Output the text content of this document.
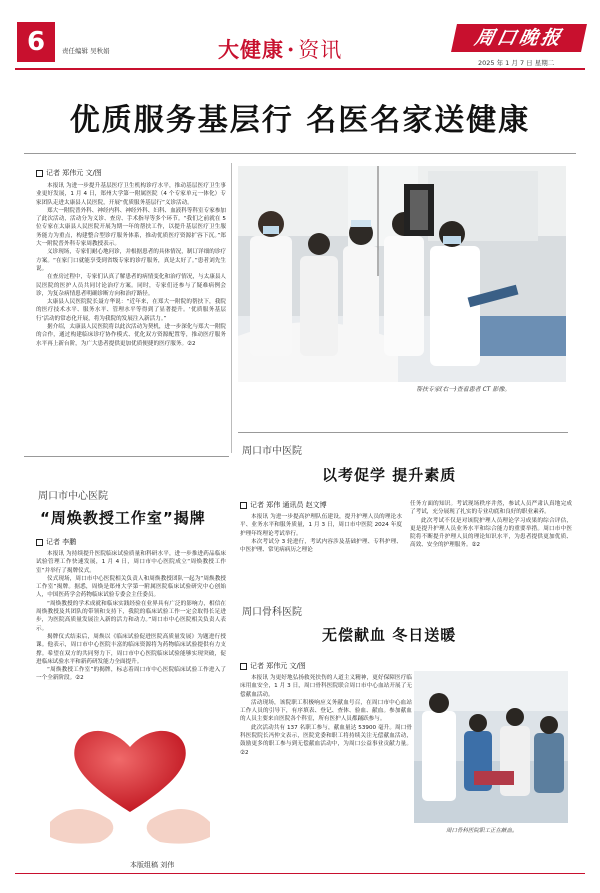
6	责任编辑 吴秋娟	大健康 · 资讯	周口晚报
2025 年 1 月 7 日 星期二
优质服务基层行 名医名家送健康
记者 郑伟元 文/图

本报讯 为进一步提升基层医疗卫生机构诊疗水平，推动基层医疗卫生事业更好发展，1 月 4 日，郑州大学第一附属医院（4 个专家单元一体化）专家团队走进太康县人民医院，开展“优质服务基层行”义诊活动。

郑大一附院普外科、神经内科、神经外科、妇科、血液科等科室专家参加了此次活动，活动分为义诊、查房、手术指导等多个环节。“我们之前就在 5 位专家在太康县人民医院开展为期一年的帮扶工作，以提升基层医疗卫生服务能力为重点，构建整合型诊疗服务体系，推动优质医疗资源扩容下沉。”郑大一附院普外科专家周教授表示。

义诊现场，专家们耐心地问诊，并根据患者的具体情况，制订详细的诊疗方案。“在家门口就能享受到省级专家的诊疗服务，真是太好了。”患者刘先生说。

在查房过程中，专家们认真了解患者的病情变化和治疗情况，与太康县人民医院的医护人员共同讨论治疗方案。同时，专家们还参与了疑难病例会诊，为复杂病情患者明确诊断方向和治疗路径。

太康县人民医院院长聂方华说：“近年来，在郑大一附院的帮扶下，我院的医疗技术水平、服务水平、管理水平等得到了显著提升。‘优质服务基层行’活动的常态化开展，将为我院的发展注入新活力。”

据介绍，太康县人民医院将以此次活动为契机，进一步深化与郑大一附院的合作，通过构建临床诊疗协作模式、优化双方资源配置等，推动医疗服务水平再上新台阶，为广大患者提供更加优质便捷的医疗服务。②2

帮扶专家(右一)查看患者 CT 影像。
周口市中医院
以考促学 提升素质
记者 郑伟 通讯员 赵文博

本报讯 为进一步提高护理队伍建设，提升护理人员的理论水平、业务水平和服务质量，1 月 3 日，周口市中医院 2024 年度护理年终理论考试举行。

本次考试分 3 轮进行，考试内容涉及基础护理、专科护理、中医护理、常见病病历之理论

任务方面的知识。考试现场秩序井然，参试人员严肃认真地完成了考试，充分展现了扎实的专业功底和良好的职业素养。

此次考试不仅是对该院护理人员理论学习成果的综合评估，更是提升护理人员业务水平和综合能力的重要举措。周口市中医院将不断提升护理人员的理论知识水平，为患者提供更加优质、高效、安全的护理服务。②2

周口市中心医院
“周焕教授工作室”揭牌
记者 李鹏

本报讯 为持续提升医院临床试验质量和科研水平，进一步推进药品临床试验管理工作快速发展，1 月 4 日，周口市中心医院成立“周焕教授工作室”并举行了揭牌仪式。

仪式现场，周口市中心医院相关负责人和周焕教授团队一起为“周焕教授工作室”揭牌。据悉，周焕是郑州大学第一附属医院临床试验研究中心创始人，中国医药学会药物临床试验专委会主任委员。

“周焕教授的学术成就和临床实践经验在业界具有广泛的影响力，相信在周焕教授及其团队的带领和支持下，我院的临床试验工作一定会取得长足进步，为医院高质量发展注入新的活力和动力。”周口市中心医院相关负责人表示。

揭牌仪式结束后，周焕以《临床试验促进医院高质量发展》为题进行授课。他表示，周口市中心医院丰富的临床资源将为药物临床试验提供有力支撑。希望在双方的共同努力下，周口市中心医院临床试验能够实现突破，促进临床试验水平和新药研发能力全面提升。

“周焕教授工作室”的揭牌，标志着周口市中心医院临床试验工作进入了一个全新阶段。②2

周口骨科医院
无偿献血 冬日送暖
记者 郑伟元 文/图

本报讯 为更好地弘扬救死扶伤的人道主义精神，更好保障医疗临床用血安全，1 月 3 日，周口骨科医院联合周口市中心血站开展了无偿献血活动。

活动现场，该院职工积极响应义务献血号召，在周口市中心血站工作人员的引导下，有序填表、登记、查体、验血、献血。参加献血的人员主要来自医院各个科室，所有医护人员都踊跃参与。

此次活动共有 137 名职工参与，献血量达 53900 毫升。周口骨科医院院长冯仲文表示，医院党委和职工将持续关注无偿献血活动，鼓励更多的职工参与到无偿献血活动中，为周口公益事业贡献力量。②2

周口骨科医院职工正在献血。
本版组稿 刘伟
